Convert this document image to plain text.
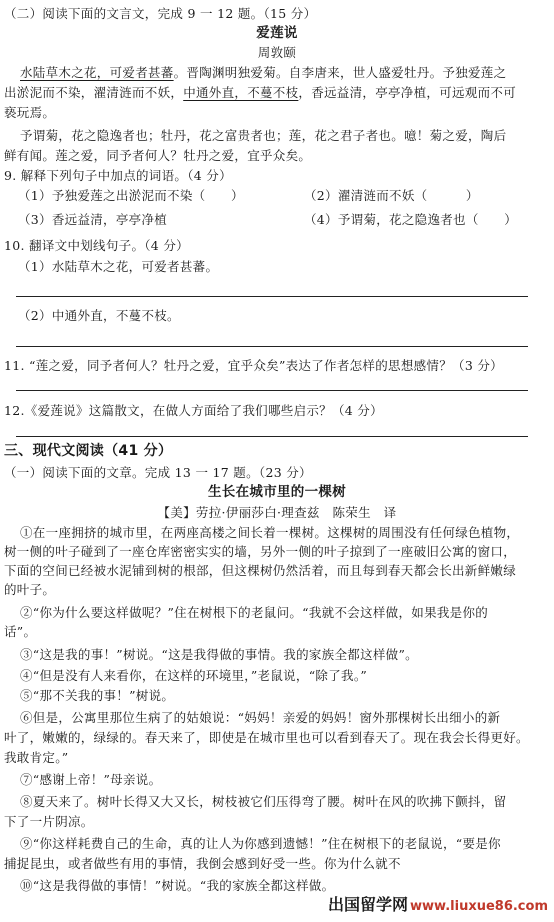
（二）阅读下面的文言文，完成 9 一 12 题。（15 分）
爱莲说
周敦颐
水陆草木之花，可爱者甚蕃。晋陶渊明独爱菊。自李唐来，世人盛爱牡丹。予独爱莲之
出淤泥而不染，濯清涟而不妖，中通外直，不蔓不枝，香远益清，亭亭净植，可远观而不可
亵玩焉。
予谓菊，花之隐逸者也；牡丹，花之富贵者也；莲，花之君子者也。噫！菊之爱，陶后
鲜有闻。莲之爱，同予者何人？牡丹之爱，宜乎众矣。
9. 解释下列句子中加点的词语。（4 分）
（1）予独爱莲之出淤泥而不染（　　）	（2）濯清涟而不妖（　　　）
（3）香远益清，亭亭净植	（4）予谓菊，花之隐逸者也（　　）
10. 翻译文中划线句子。（4 分）
（1）水陆草木之花，可爱者甚蕃。
（2）中通外直，不蔓不枝。
11. “莲之爱，同予者何人？牡丹之爱，宜乎众矣”表达了作者怎样的思想感情？（3 分）
12.《爱莲说》这篇散文，在做人方面给了我们哪些启示？（4 分）
三、现代文阅读（41 分）
（一）阅读下面的文章。完成 13 一 17 题。（23 分）
生长在城市里的一棵树
【美】劳拉·伊丽莎白·理查兹　陈荣生　译
①在一座拥挤的城市里，在两座高楼之间长着一棵树。这棵树的周围没有任何绿色植物，
树一侧的叶子碰到了一座仓库密密实实的墙，另外一侧的叶子掠到了一座破旧公寓的窗口，
下面的空间已经被水泥铺到树的根部，但这棵树仍然活着，而且每到春天都会长出新鲜嫩绿
的叶子。
②“你为什么要这样做呢？”住在树根下的老鼠问。“我就不会这样做，如果我是你的
话”。
③“这是我的事！”树说。“这是我得做的事情。我的家族全都这样做”。
④“但是没有人来看你，在这样的环境里，”老鼠说，“除了我。”
⑤“那不关我的事！”树说。
⑥但是，公寓里那位生病了的姑娘说：“妈妈！亲爱的妈妈！窗外那棵树长出细小的新
叶了，嫩嫩的，绿绿的。春天来了，即使是在城市里也可以看到春天了。现在我会长得更好。
我敢肯定。”
⑦“感谢上帝！”母亲说。
⑧夏天来了。树叶长得又大又长，树枝被它们压得弯了腰。树叶在风的吹拂下颤抖，留
下了一片阴凉。
⑨“你这样耗费自己的生命，真的让人为你感到遗憾！”住在树根下的老鼠说，“要是你
捕捉昆虫，或者做些有用的事情，我倒会感到好受一些。你为什么就不
⑩“这是我得做的事情！”树说。“我的家族全都这样做。
出国留学网 www.liuxue86.com
